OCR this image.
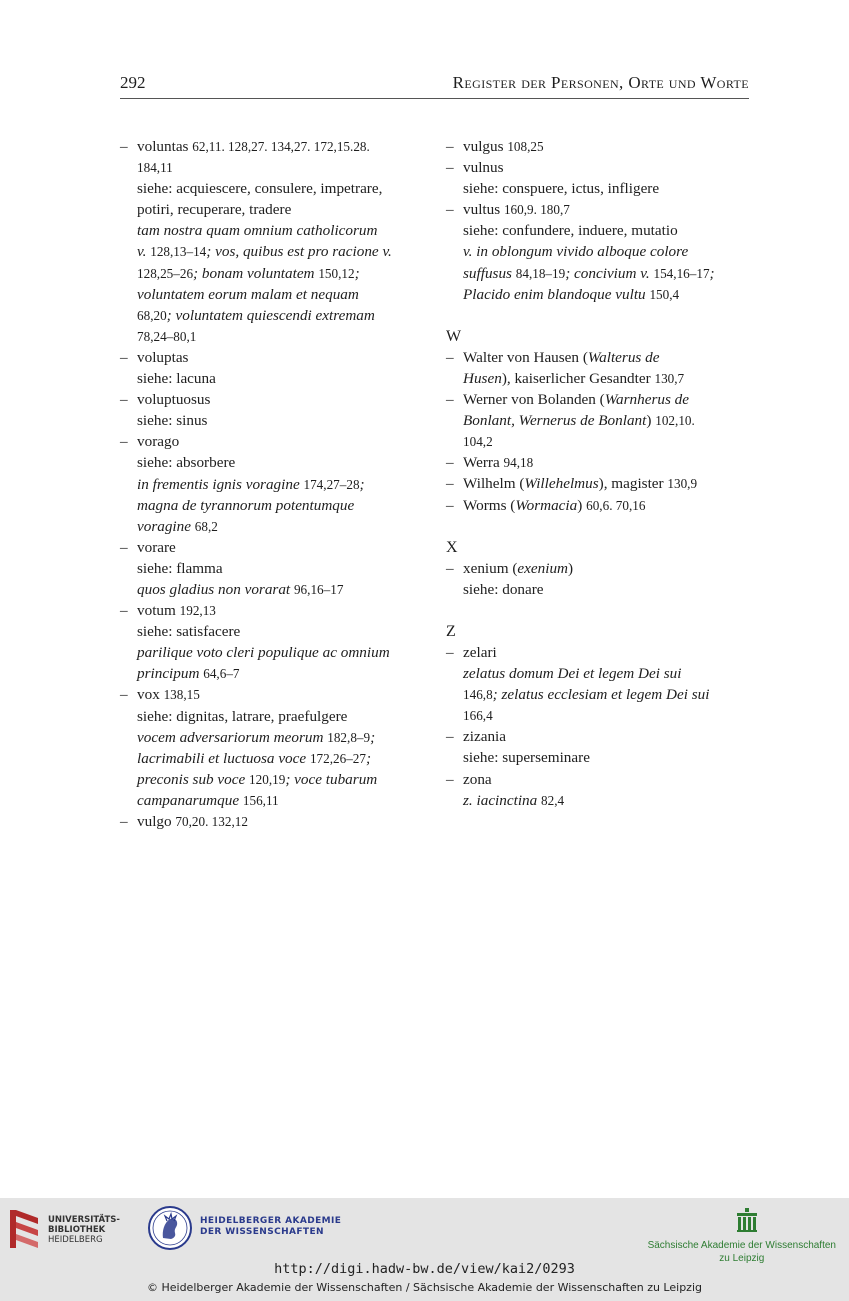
292	Register der Personen, Orte und Worte
– voluntas 62,11. 128,27. 134,27. 172,15.28.
184,11
siehe: acquiescere, consulere, impetrare,
potiri, recuperare, tradere
tam nostra quam omnium catholicorum
v. 128,13–14; vos, quibus est pro racione v.
128,25–26; bonam voluntatem 150,12;
voluntatem eorum malam et nequam
68,20; voluntatem quiescendi extremam
78,24–80,1
– voluptas
siehe: lacuna
– voluptuosus
siehe: sinus
– vorago
siehe: absorbere
in frementis ignis voragine 174,27–28;
magna de tyrannorum potentumque
voragine 68,2
– vorare
siehe: flamma
quos gladius non vorarat 96,16–17
– votum 192,13
siehe: satisfacere
parilique voto cleri populique ac omnium
principum 64,6–7
– vox 138,15
siehe: dignitas, latrare, praefulgere
vocem adversariorum meorum 182,8–9;
lacrimabili et luctuosa voce 172,26–27;
preconis sub voce 120,19; voce tubarum
campanarumque 156,11
– vulgo 70,20. 132,12
– vulgus 108,25
– vulnus
siehe: conspuere, ictus, infligere
– vultus 160,9. 180,7
siehe: confundere, induere, mutatio
v. in oblongum vivido alboque colore
suffusus 84,18–19; concivium v. 154,16–17;
Placido enim blandoque vultu 150,4
W
– Walter von Hausen (Walterus de
Husen), kaiserlicher Gesandter 130,7
– Werner von Bolanden (Warnherus de
Bonlant, Wernerus de Bonlant) 102,10.
104,2
– Werra 94,18
– Wilhelm (Willehelmus), magister 130,9
– Worms (Wormacia) 60,6. 70,16
X
– xenium (exenium)
siehe: donare
Z
– zelari
zelatus domum Dei et legem Dei sui
146,8; zelatus ecclesiam et legem Dei sui
166,4
– zizania
siehe: superseminare
– zona
z. iacinctina 82,4
UNIVERSITÄTS-
BIBLIOTHEK
HEIDELBERG
HEIDELBERGER AKADEMIE
DER WISSENSCHAFTEN
Sächsische Akademie der Wissenschaften
zu Leipzig
http://digi.hadw-bw.de/view/kai2/0293
© Heidelberger Akademie der Wissenschaften / Sächsische Akademie der Wissenschaften zu Leipzig
